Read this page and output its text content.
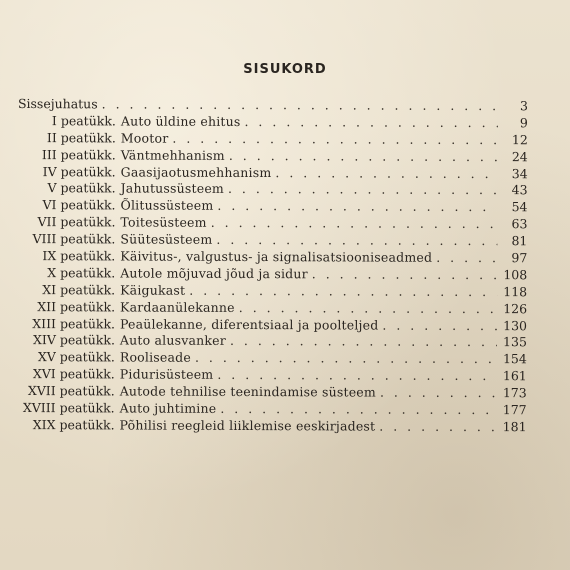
SISUKORD
Sissejuhatus . . .	3
I peatükk. Auto üldine ehitus . . .	9
II peatükk. Mootor . . .	12
III peatükk. Väntmehhanism . . .	24
IV peatükk. Gaasijaotusmehhanism . . .	34
V peatükk. Jahutussüsteem . . .	43
VI peatükk. Õlitussüsteem . . .	54
VII peatükk. Toitesüsteem . . .	63
VIII peatükk. Süütesüsteem . . .	81
IX peatükk. Käivitus-, valgustus- ja signalisatsiooniseadmed . . .	97
X peatükk. Autole mõjuvad jõud ja sidur . . .	108
XI peatükk. Käigukast . . .	118
XII peatükk. Kardaanülekanne . . .	126
XIII peatükk. Peaülekanne, diferentsiaal ja poolteljed . . .	130
XIV peatükk. Auto alusvanker . . .	135
XV peatükk. Rooliseade . . .	154
XVI peatükk. Pidurisüsteem . . .	161
XVII peatükk. Autode tehnilise teenindamise süsteem . . .	173
XVIII peatükk. Auto juhtimine . . .	177
XIX peatükk. Põhilisi reegleid liiklemise eeskirjadest . . .	181
